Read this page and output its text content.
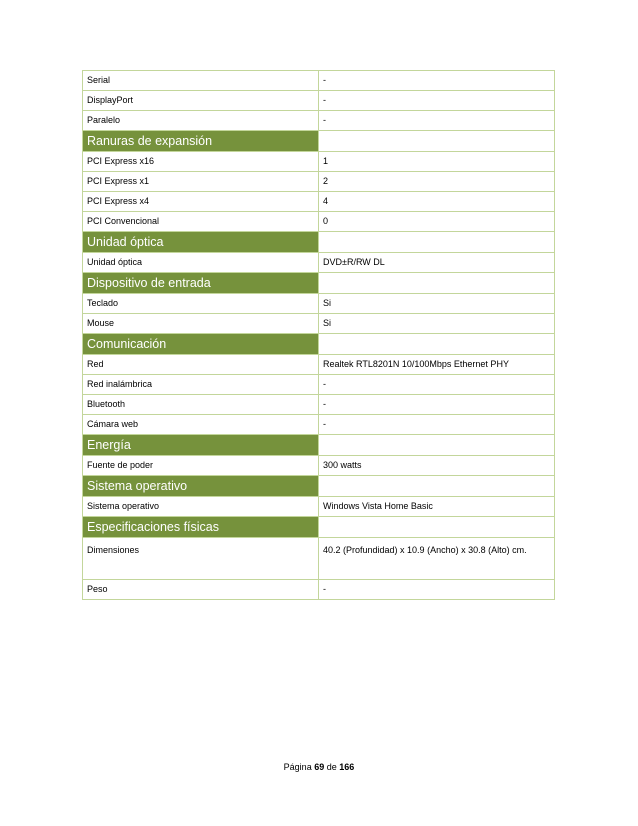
Serial	-
DisplayPort	-
Paralelo	-
Ranuras de expansión	
PCI Express x16	1
PCI Express x1	2
PCI Express x4	4
PCI Convencional	0
Unidad óptica	
Unidad óptica	DVD±R/RW DL
Dispositivo de entrada	
Teclado	Si
Mouse	Si
Comunicación	
Red	Realtek RTL8201N 10/100Mbps Ethernet PHY
Red inalámbrica	-
Bluetooth	-
Cámara web	-
Energía	
Fuente de poder	300 watts
Sistema operativo	
Sistema operativo	Windows Vista Home Basic
Especificaciones físicas	
Dimensiones	40.2 (Profundidad) x 10.9 (Ancho) x 30.8 (Alto) cm.
Peso	-
Página 69 de 166
